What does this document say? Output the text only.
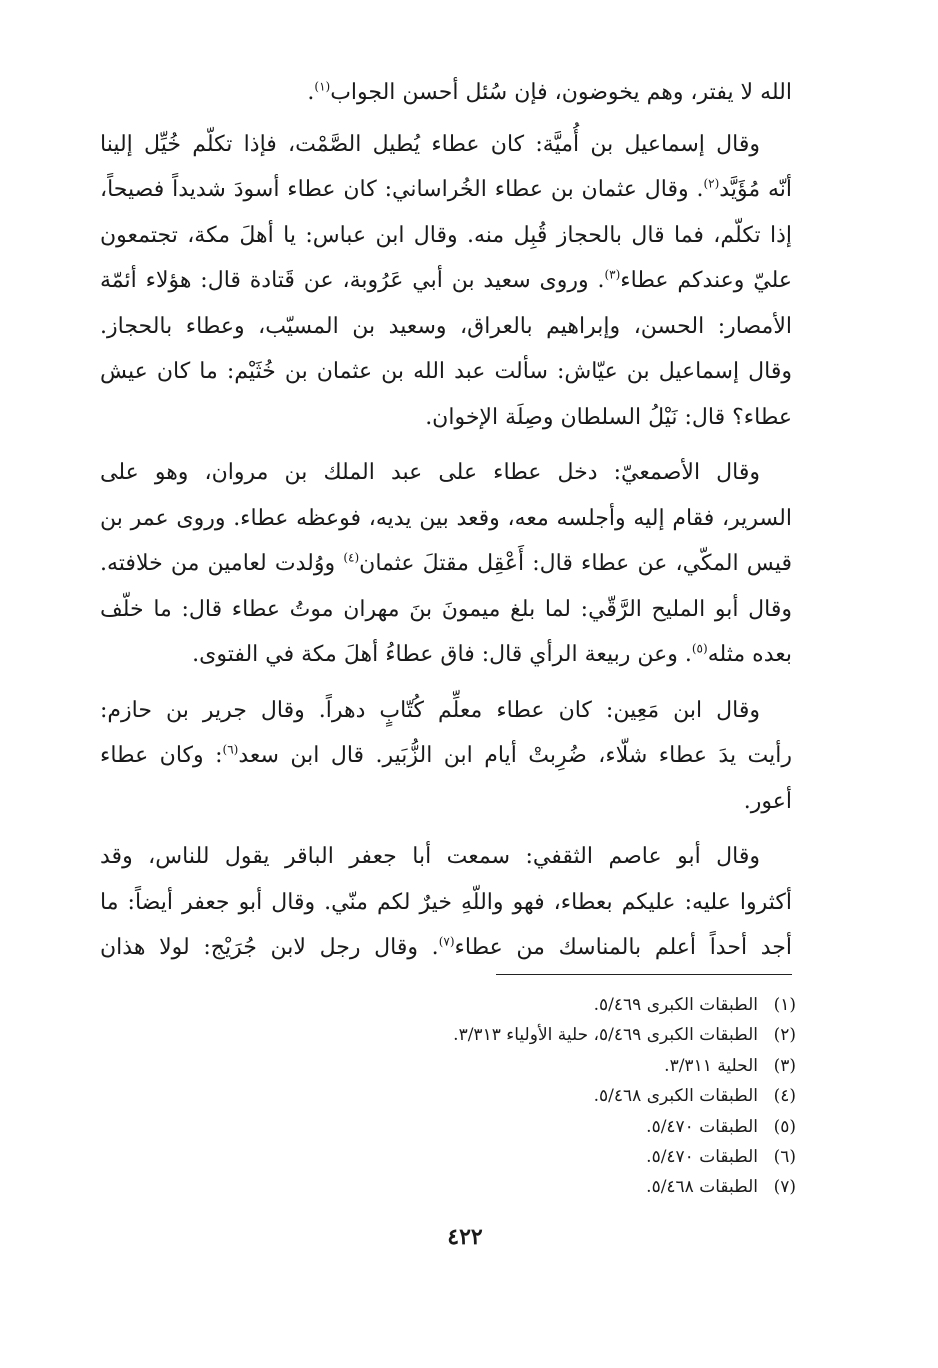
الله لا يفتر، وهم يخوضون، فإن سُئل أحسن الجواب$^{(١)}$.

وقال إسماعيل بن أُميَّة: كان عطاء يُطيل الصَّمْت، فإذا تكلّم خُيِّل إلينا
أنّه مُؤَيَّد$^{(٢)}$. وقال عثمان بن عطاء الخُراساني: كان عطاء أسودَ شديداً فصيحاً،
إذا تكلّم، فما قال بالحجاز قُبِل منه. وقال ابن عباس: يا أهلَ مكة، تجتمعون
عليّ وعندكم عطاء$^{(٣)}$. وروى سعيد بن أبي عَرُوبة، عن قَتادة قال: هؤلاء أئمّة
الأمصار: الحسن، وإبراهيم بالعراق، وسعيد بن المسيّب، وعطاء بالحجاز.
وقال إسماعيل بن عيّاش: سألت عبد الله بن عثمان بن خُثَيْم: ما كان عيش
عطاء؟ قال: نَيْلُ السلطان وصِلَة الإخوان.

وقال الأصمعيّ: دخل عطاء على عبد الملك بن مروان، وهو على
السرير، فقام إليه وأجلسه معه، وقعد بين يديه، فوعظه عطاء. وروى عمر بن
قيس المكّي، عن عطاء قال: أَعْقِل مقتلَ عثمان$^{(٤)}$ ووُلدت لعامين من خلافته.
وقال أبو المليح الرَّقّي: لما بلغ ميمونَ بنَ مهران موتُ عطاء قال: ما خلّف
بعده مثله$^{(٥)}$. وعن ربيعة الرأي قال: فاق عطاءُ أهلَ مكة في الفتوى.

وقال ابن مَعِين: كان عطاء معلِّم كُتّابٍ دهراً. وقال جرير بن حازم:
رأيت يدَ عطاء شلّاء، ضُرِبتْ أيام ابن الزُّبَير. قال ابن سعد$^{(٦)}$: وكان عطاء
أعور.

وقال أبو عاصم الثقفي: سمعت أبا جعفر الباقر يقول للناس، وقد
أكثروا عليه: عليكم بعطاء، فهو واللّهِ خيرٌ لكم منّي. وقال أبو جعفر أيضاً: ما
أجد أحداً أعلم بالمناسك من عطاء$^{(٧)}$. وقال رجل لابن جُرَيْج: لولا هذان

(١)الطبقات الكبرى ٥/٤٦٩.
(٢)الطبقات الكبرى ٥/٤٦٩، حلية الأولياء ٣/٣١٣.
(٣)الحلية ٣/٣١١.
(٤)الطبقات الكبرى ٥/٤٦٨.
(٥)الطبقات ٥/٤٧٠.
(٦)الطبقات ٥/٤٧٠.
(٧)الطبقات ٥/٤٦٨.
٤٢٢
